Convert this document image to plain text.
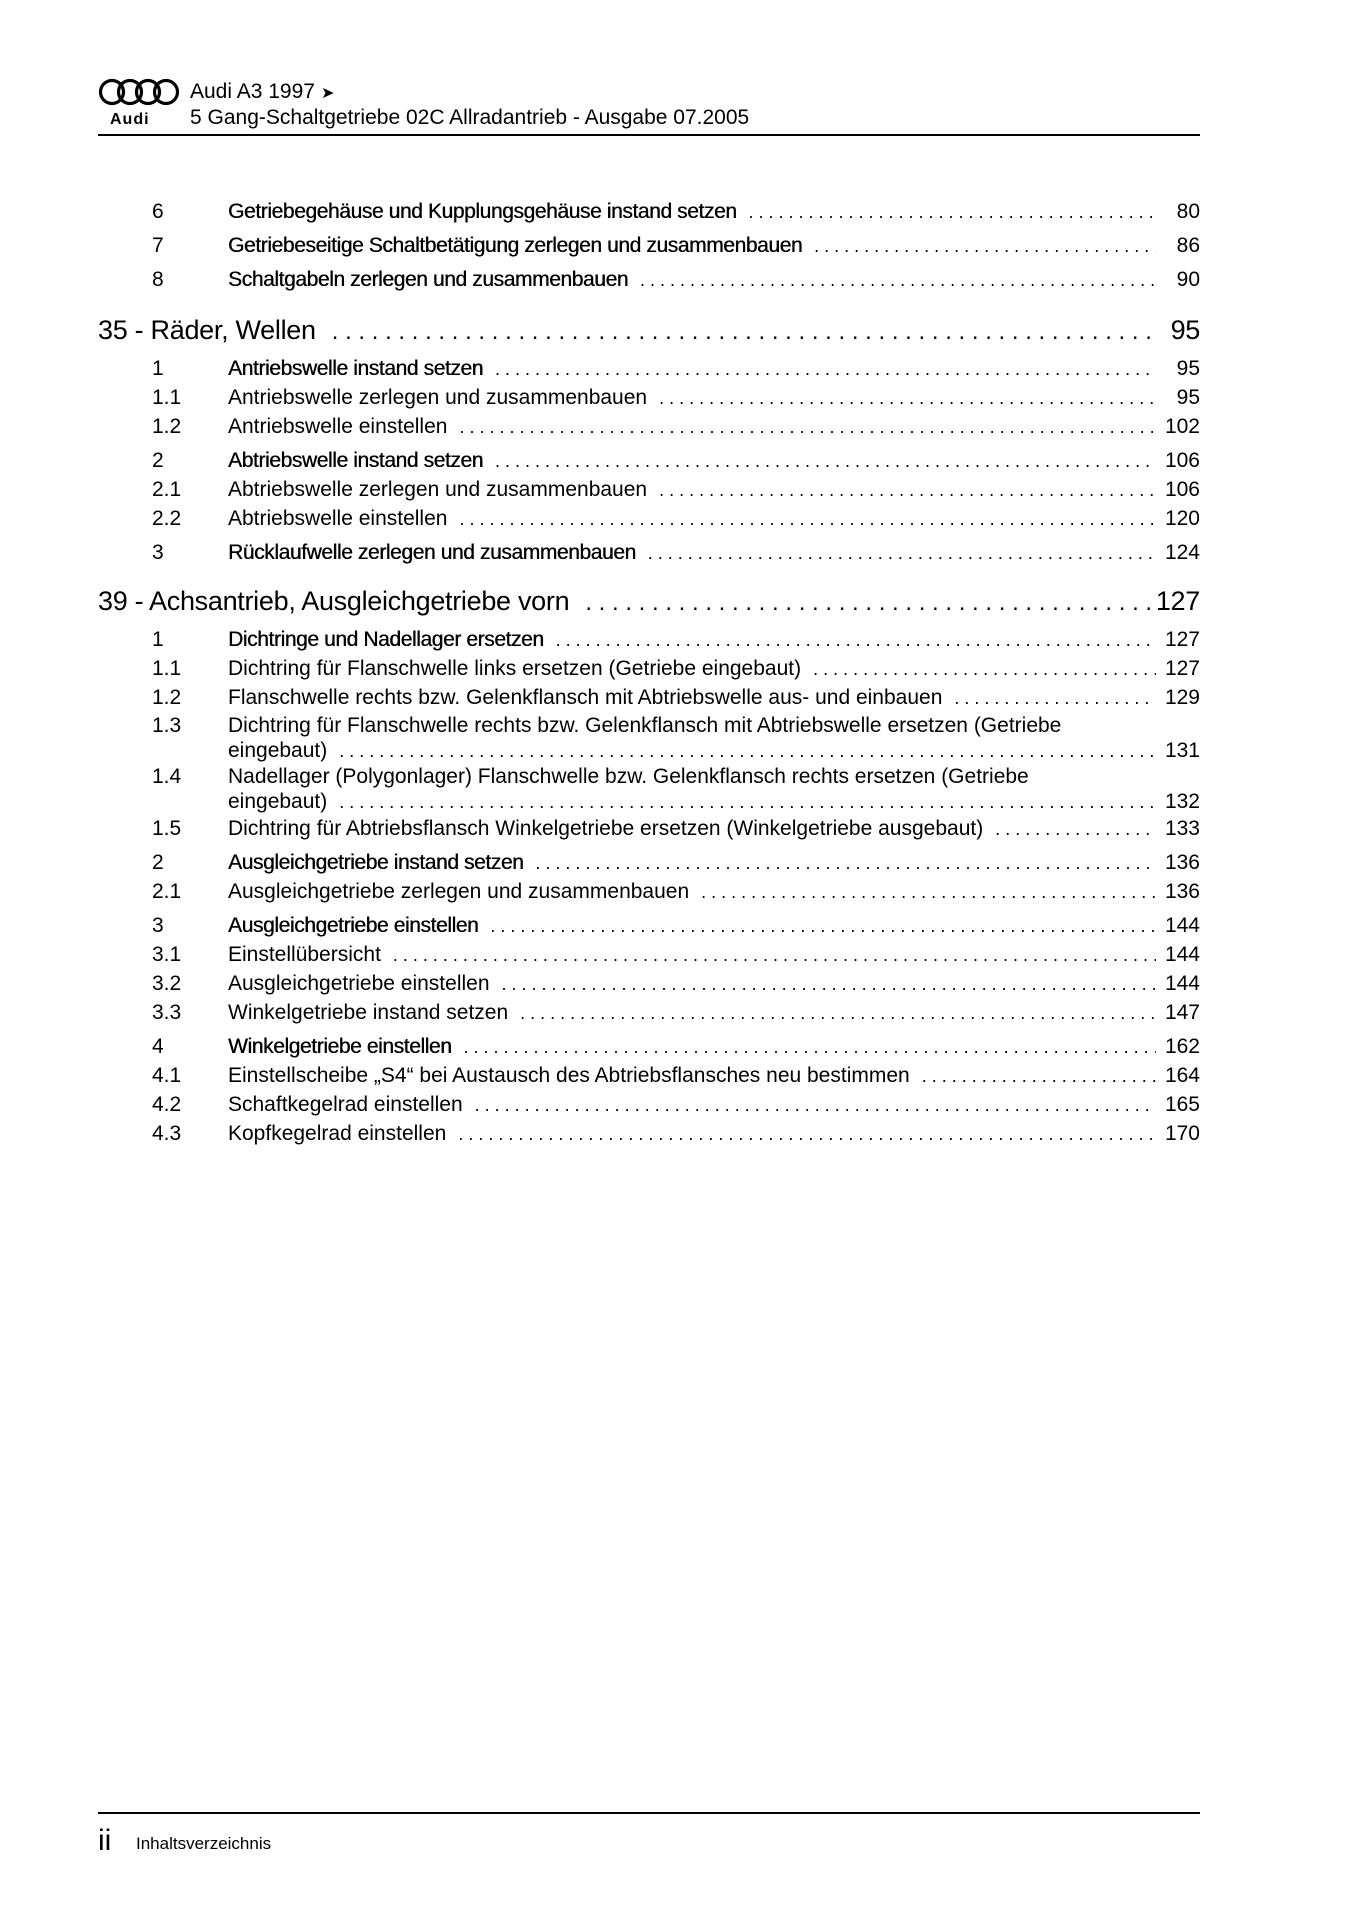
Audi
Audi A3 1997 ➤
5 Gang-Schaltgetriebe 02C Allradantrieb - Ausgabe 07.2005
6	Getriebegehäuse und Kupplungsgehäuse instand setzen . . .	80
7	Getriebeseitige Schaltbetätigung zerlegen und zusammenbauen . . .	86
8	Schaltgabeln zerlegen und zusammenbauen . . .	90
35 - Räder, Wellen . . .	95
1	Antriebswelle instand setzen . . .	95
1.1 Antriebswelle zerlegen und zusammenbauen . . .	95
1.2 Antriebswelle einstellen . . .	102
2	Abtriebswelle instand setzen . . .	106
2.1 Abtriebswelle zerlegen und zusammenbauen . . .	106
2.2 Abtriebswelle einstellen . . .	120
3	Rücklaufwelle zerlegen und zusammenbauen . . .	124
39 - Achsantrieb, Ausgleichgetriebe vorn . . .	127
1	Dichtringe und Nadellager ersetzen . . .	127
1.1 Dichtring für Flanschwelle links ersetzen (Getriebe eingebaut) . . .	127
1.2 Flanschwelle rechts bzw. Gelenkflansch mit Abtriebswelle aus- und einbauen . . .	129
1.3 Dichtring für Flanschwelle rechts bzw. Gelenkflansch mit Abtriebswelle ersetzen (Getriebe
eingebaut) . . .	131
1.4 Nadellager (Polygonlager) Flanschwelle bzw. Gelenkflansch rechts ersetzen (Getriebe
eingebaut) . . .	132
1.5 Dichtring für Abtriebsflansch Winkelgetriebe ersetzen (Winkelgetriebe ausgebaut) . . .	133
2	Ausgleichgetriebe instand setzen . . .	136
2.1 Ausgleichgetriebe zerlegen und zusammenbauen . . .	136
3	Ausgleichgetriebe einstellen . . .	144
3.1 Einstellübersicht . . .	144
3.2 Ausgleichgetriebe einstellen . . .	144
3.3 Winkelgetriebe instand setzen . . .	147
4	Winkelgetriebe einstellen . . .	162
4.1 Einstellscheibe „S4“ bei Austausch des Abtriebsflansches neu bestimmen . . .	164
4.2 Schaftkegelrad einstellen . . .	165
4.3 Kopfkegelrad einstellen . . .	170
ii Inhaltsverzeichnis
